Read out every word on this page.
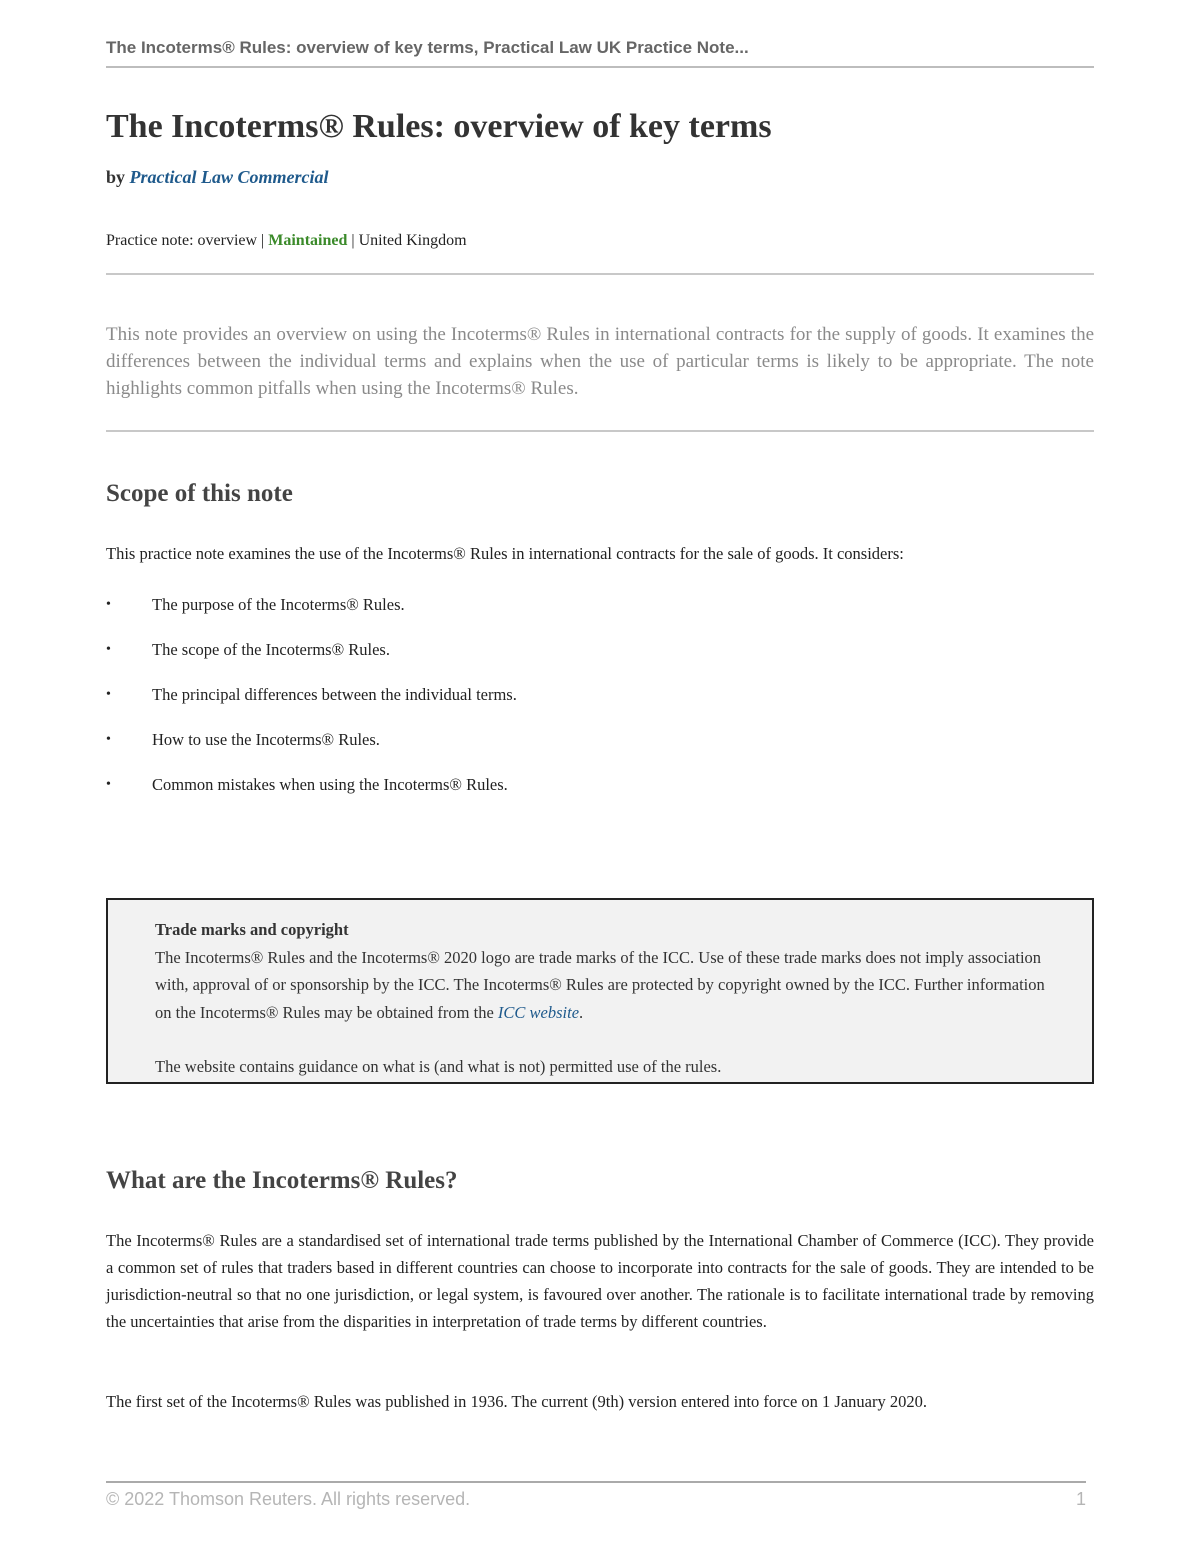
The Incoterms® Rules: overview of key terms, Practical Law UK Practice Note...
The Incoterms® Rules: overview of key terms
by Practical Law Commercial
Practice note: overview | Maintained | United Kingdom

This note provides an overview on using the Incoterms® Rules in international contracts for the supply of goods. It examines the differences between the individual terms and explains when the use of particular terms is likely to be appropriate. The note highlights common pitfalls when using the Incoterms® Rules.

Scope of this note

This practice note examines the use of the Incoterms® Rules in international contracts for the sale of goods. It considers:

• The purpose of the Incoterms® Rules.
• The scope of the Incoterms® Rules.
• The principal differences between the individual terms.
• How to use the Incoterms® Rules.
• Common mistakes when using the Incoterms® Rules.
Trade marks and copyright

The Incoterms® Rules and the Incoterms® 2020 logo are trade marks of the ICC. Use of these trade marks does not imply association with, approval of or sponsorship by the ICC. The Incoterms® Rules are protected by copyright owned by the ICC. Further information on the Incoterms® Rules may be obtained from the ICC website.

The website contains guidance on what is (and what is not) permitted use of the rules.

What are the Incoterms® Rules?

The Incoterms® Rules are a standardised set of international trade terms published by the International Chamber of Commerce (ICC). They provide a common set of rules that traders based in different countries can choose to incorporate into contracts for the sale of goods. They are intended to be jurisdiction-neutral so that no one jurisdiction, or legal system, is favoured over another. The rationale is to facilitate international trade by removing the uncertainties that arise from the disparities in interpretation of trade terms by different countries.

The first set of the Incoterms® Rules was published in 1936. The current (9th) version entered into force on 1 January 2020.

© 2022 Thomson Reuters. All rights reserved.	1
